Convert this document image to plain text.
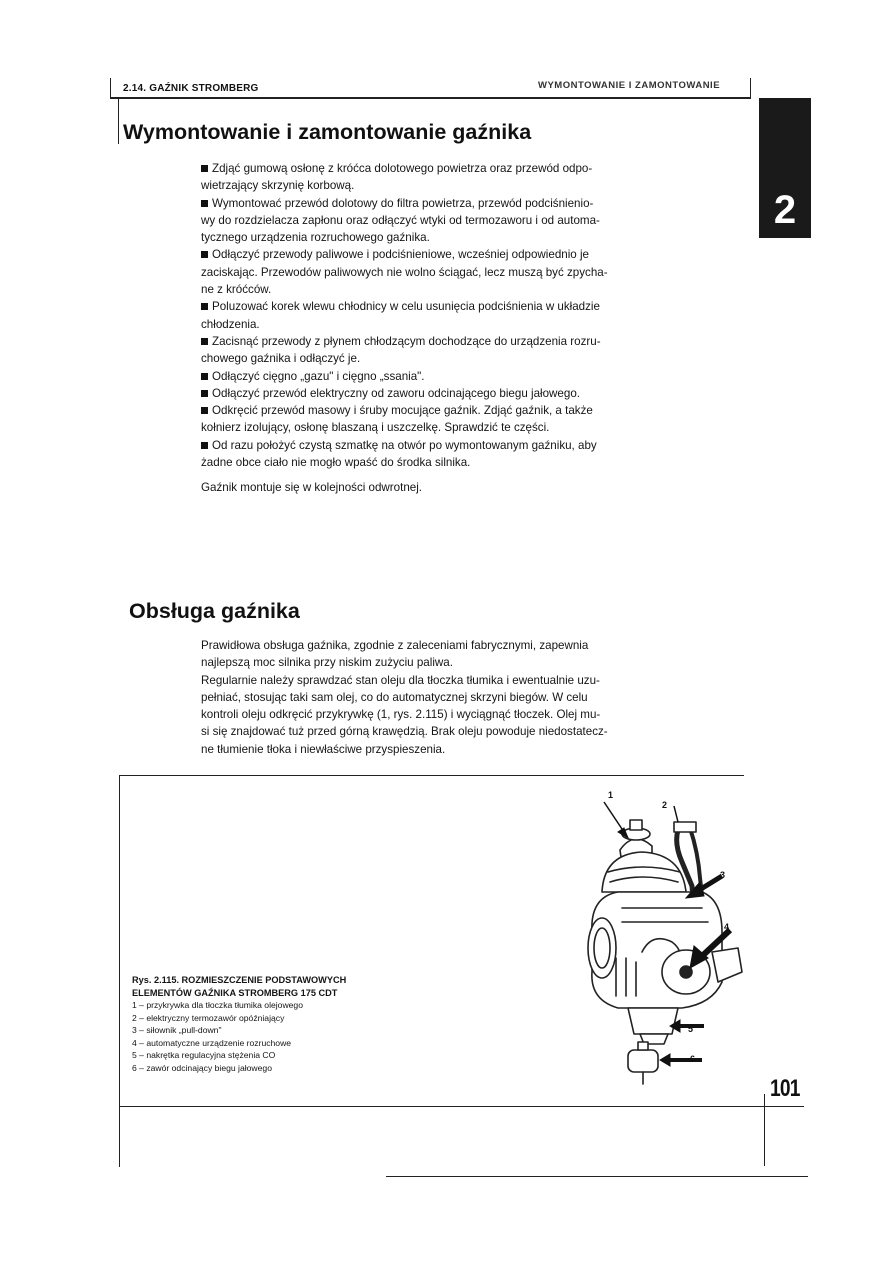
2.14. GAŹNIK STROMBERG	WYMONTOWANIE I ZAMONTOWANIE
2
Wymontowanie i zamontowanie gaźnika

Zdjąć gumową osłonę z króćca dolotowego powietrza oraz przewód odpo-

wietrzający skrzynię korbową.

Wymontować przewód dolotowy do filtra powietrza, przewód podciśnienio-

wy do rozdzielacza zapłonu oraz odłączyć wtyki od termozaworu i od automa-

tycznego urządzenia rozruchowego gaźnika.

Odłączyć przewody paliwowe i podciśnieniowe, wcześniej odpowiednio je

zaciskając. Przewodów paliwowych nie wolno ściągać, lecz muszą być zpycha-

ne z króćców.

Poluzować korek wlewu chłodnicy w celu usunięcia podciśnienia w układzie

chłodzenia.

Zacisnąć przewody z płynem chłodzącym dochodzące do urządzenia rozru-

chowego gaźnika i odłączyć je.

Odłączyć cięgno „gazu" i cięgno „ssania".

Odłączyć przewód elektryczny od zaworu odcinającego biegu jałowego.

Odkręcić przewód masowy i śruby mocujące gaźnik. Zdjąć gaźnik, a także

kołnierz izolujący, osłonę blaszaną i uszczelkę. Sprawdzić te części.

Od razu położyć czystą szmatkę na otwór po wymontowanym gaźniku, aby

żadne obce ciało nie mogło wpaść do środka silnika.

Gaźnik montuje się w kolejności odwrotnej.

Obsługa gaźnika

Prawidłowa obsługa gaźnika, zgodnie z zaleceniami fabrycznymi, zapewnia

najlepszą moc silnika przy niskim zużyciu paliwa.

Regularnie należy sprawdzać stan oleju dla tłoczka tłumika i ewentualnie uzu-

pełniać, stosując taki sam olej, co do automatycznej skrzyni biegów. W celu

kontroli oleju odkręcić przykrywkę (1, rys. 2.115) i wyciągnąć tłoczek. Olej mu-

si się znajdować tuż przed górną krawędzią. Brak oleju powoduje niedostatecz-

ne tłumienie tłoka i niewłaściwe przyspieszenia.

Rys. 2.115. ROZMIESZCZENIE PODSTAWOWYCH
ELEMENTÓW GAŹNIKA STROMBERG 175 CDT
1 – przykrywka dla tłoczka tłumika olejowego
2 – elektryczny termozawór opóźniający
3 – siłownik „pull-down"
4 – automatyczne urządzenie rozruchowe
5 – nakrętka regulacyjna stężenia CO
6 – zawór odcinający biegu jałowego
1
2
3
4
5
6
101
